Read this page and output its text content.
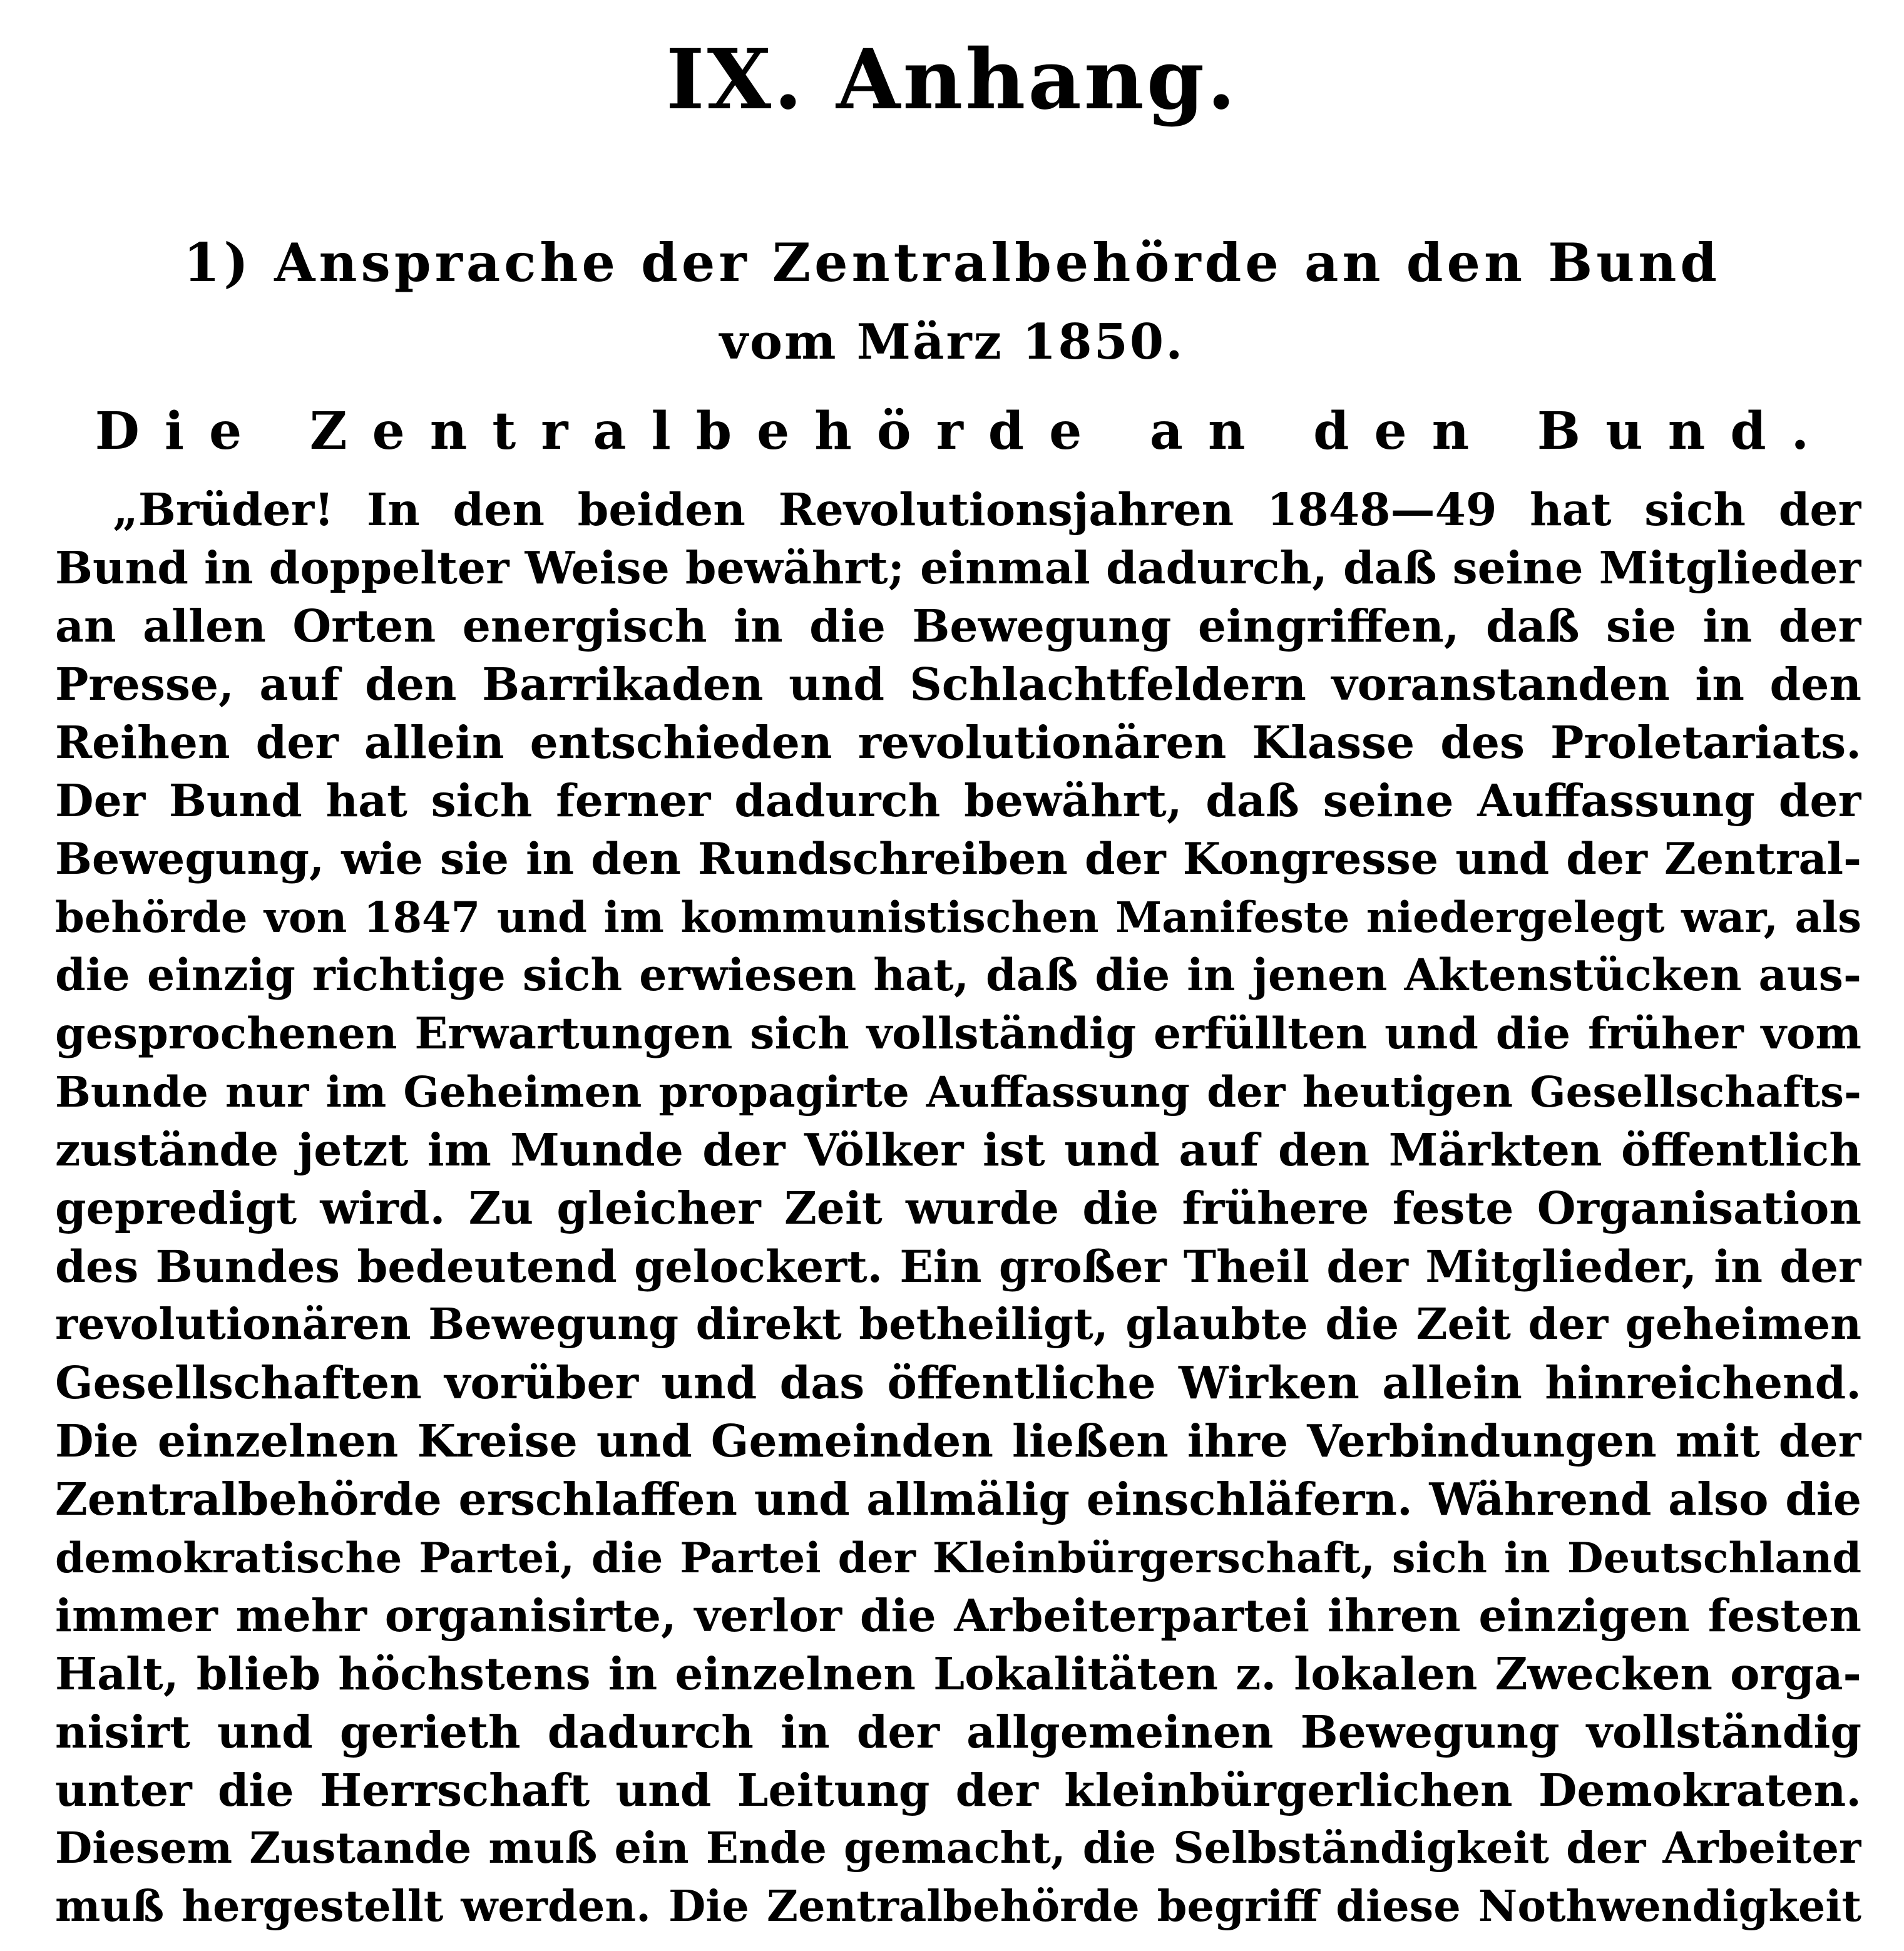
IX. Anhang.
1) Ansprache der Zentralbehörde an den Bund
vom März 1850.
Die Zentralbehörde an den Bund.
„Brüder! In den beiden Revolutionsjahren 1848—49 hat sich der
Bund in doppelter Weise bewährt; einmal dadurch, daß seine Mitglieder
an allen Orten energisch in die Bewegung eingriffen, daß sie in der
Presse, auf den Barrikaden und Schlachtfeldern voranstanden in den
Reihen der allein entschieden revolutionären Klasse des Proletariats.
Der Bund hat sich ferner dadurch bewährt, daß seine Auffassung der
Bewegung, wie sie in den Rundschreiben der Kongresse und der Zentral-
behörde von 1847 und im kommunistischen Manifeste niedergelegt war, als
die einzig richtige sich erwiesen hat, daß die in jenen Aktenstücken aus-
gesprochenen Erwartungen sich vollständig erfüllten und die früher vom
Bunde nur im Geheimen propagirte Auffassung der heutigen Gesellschafts-
zustände jetzt im Munde der Völker ist und auf den Märkten öffentlich
gepredigt wird. Zu gleicher Zeit wurde die frühere feste Organisation
des Bundes bedeutend gelockert. Ein großer Theil der Mitglieder, in der
revolutionären Bewegung direkt betheiligt, glaubte die Zeit der geheimen
Gesellschaften vorüber und das öffentliche Wirken allein hinreichend.
Die einzelnen Kreise und Gemeinden ließen ihre Verbindungen mit der
Zentralbehörde erschlaffen und allmälig einschläfern. Während also die
demokratische Partei, die Partei der Kleinbürgerschaft, sich in Deutschland
immer mehr organisirte, verlor die Arbeiterpartei ihren einzigen festen
Halt, blieb höchstens in einzelnen Lokalitäten z. lokalen Zwecken orga-
nisirt und gerieth dadurch in der allgemeinen Bewegung vollständig
unter die Herrschaft und Leitung der kleinbürgerlichen Demokraten.
Diesem Zustande muß ein Ende gemacht, die Selbständigkeit der Arbeiter
muß hergestellt werden. Die Zentralbehörde begriff diese Nothwendigkeit
